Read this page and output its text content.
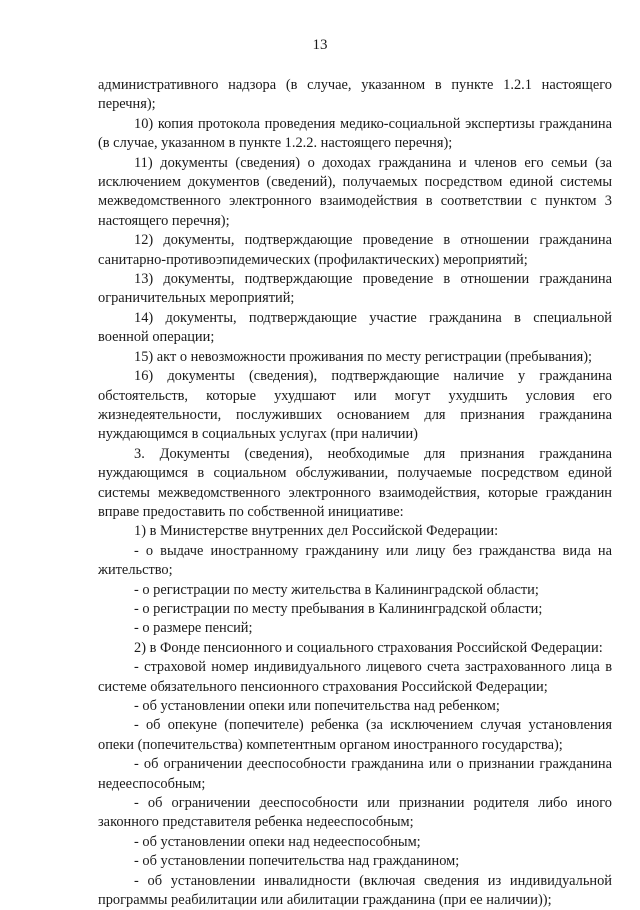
13

административного надзора (в случае, указанном в пункте 1.2.1 настоящего перечня);

10) копия протокола проведения медико-социальной экспертизы гражданина (в случае, указанном в пункте 1.2.2. настоящего перечня);

11) документы (сведения) о доходах гражданина и членов его семьи (за исключением документов (сведений), получаемых посредством единой системы межведомственного электронного взаимодействия в соответствии с пунктом 3 настоящего перечня);

12) документы, подтверждающие проведение в отношении гражданина санитарно-противоэпидемических (профилактических) мероприятий;

13) документы, подтверждающие проведение в отношении гражданина ограничительных мероприятий;

14) документы, подтверждающие участие гражданина в специальной военной операции;

15) акт о невозможности проживания по месту регистрации (пребывания);

16) документы (сведения), подтверждающие наличие у гражданина обстоятельств, которые ухудшают или могут ухудшить условия его жизнедеятельности, послуживших основанием для признания гражданина нуждающимся в социальных услугах (при наличии)

3. Документы (сведения), необходимые для признания гражданина нуждающимся в социальном обслуживании, получаемые посредством единой системы межведомственного электронного взаимодействия, которые гражданин вправе предоставить по собственной инициативе:

1) в Министерстве внутренних дел Российской Федерации:

- о выдаче иностранному гражданину или лицу без гражданства вида на жительство;

- о регистрации по месту жительства в Калининградской области;

- о регистрации по месту пребывания в Калининградской области;

- о размере пенсий;

2) в Фонде пенсионного и социального страхования Российской Федерации:

- страховой номер индивидуального лицевого счета застрахованного лица в системе обязательного пенсионного страхования Российской Федерации;

- об установлении опеки или попечительства над ребенком;

- об опекуне (попечителе) ребенка (за исключением случая установления опеки (попечительства) компетентным органом иностранного государства);

- об ограничении дееспособности гражданина или о признании гражданина недееспособным;

- об ограничении дееспособности или признании родителя либо иного законного представителя ребенка недееспособным;

- об установлении опеки над недееспособным;

- об установлении попечительства над гражданином;

- об установлении инвалидности (включая сведения из индивидуальной программы реабилитации или абилитации гражданина (при ее наличии));
